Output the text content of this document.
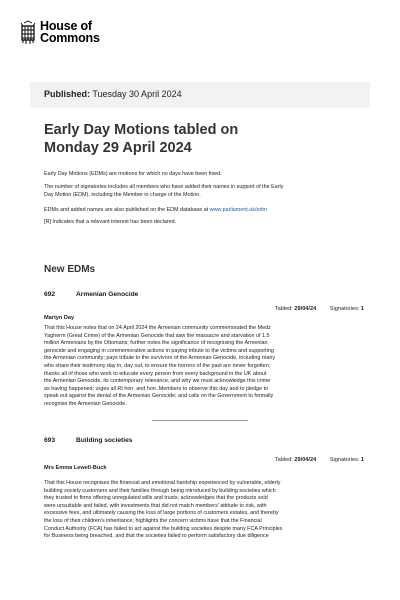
House of
Commons
Published: Tuesday 30 April 2024
Early Day Motions tabled on
Monday 29 April 2024
Early Day Motions (EDMs) are motions for which no days have been fixed.
The number of signatories includes all members who have added their names in support of the Early
Day Motion (EDM), including the Member in charge of the Motion.
EDMs and added names are also published on the EDM database at www.parliament.uk/edm
[R] Indicates that a relevant interest has been declared.
New EDMs
692	Armenian Genocide
Tabled: 29/04/24 Signatories: 1
Martyn Day
That this House notes that on 24 April 2024 the Armenian community commemorated the Medz
Yagherm (Great Crime) of the Armenian Genocide that saw the massacre and starvation of 1.5
million Armenians by the Ottomans; further notes the significance of recognising the Armenian
genocide and engaging in commemorative actions in paying tribute to the victims and supporting
the Armenian community; pays tribute to the survivors of the Armenian Genocide, including many
who share their testimony day in, day out, to ensure the horrors of the past are never forgotten;
thanks all of those who work to educate every person from every background in the UK about
the Armenian Genocide, its contemporary relevance, and why we must acknowledge this crime
as having happened; urges all Rt hon. and hon. Members to observe this day and to pledge to
speak out against the denial of the Armenian Genocide; and calls on the Government to formally
recognise the Armenian Genocide.
693	Building societies
Tabled: 29/04/24 Signatories: 1
Mrs Emma Lewell-Buck
That this House recognises the financial and emotional hardship experienced by vulnerable, elderly
building society customers and their families through being introduced by building societies which
they trusted to firms offering unregulated wills and trusts; acknowledges that the products sold
were unsuitable and failed, with investments that did not match members' attitude to risk, with
excessive fees, and ultimately causing the loss of large portions of customers estates, and thereby
the loss of their children's inheritance; highlights the concern victims have that the Financial
Conduct Authority (FCA) has failed to act against the building societies despite many FCA Principles
for Business being breached, and that the societies failed to perform satisfactory due diligence
